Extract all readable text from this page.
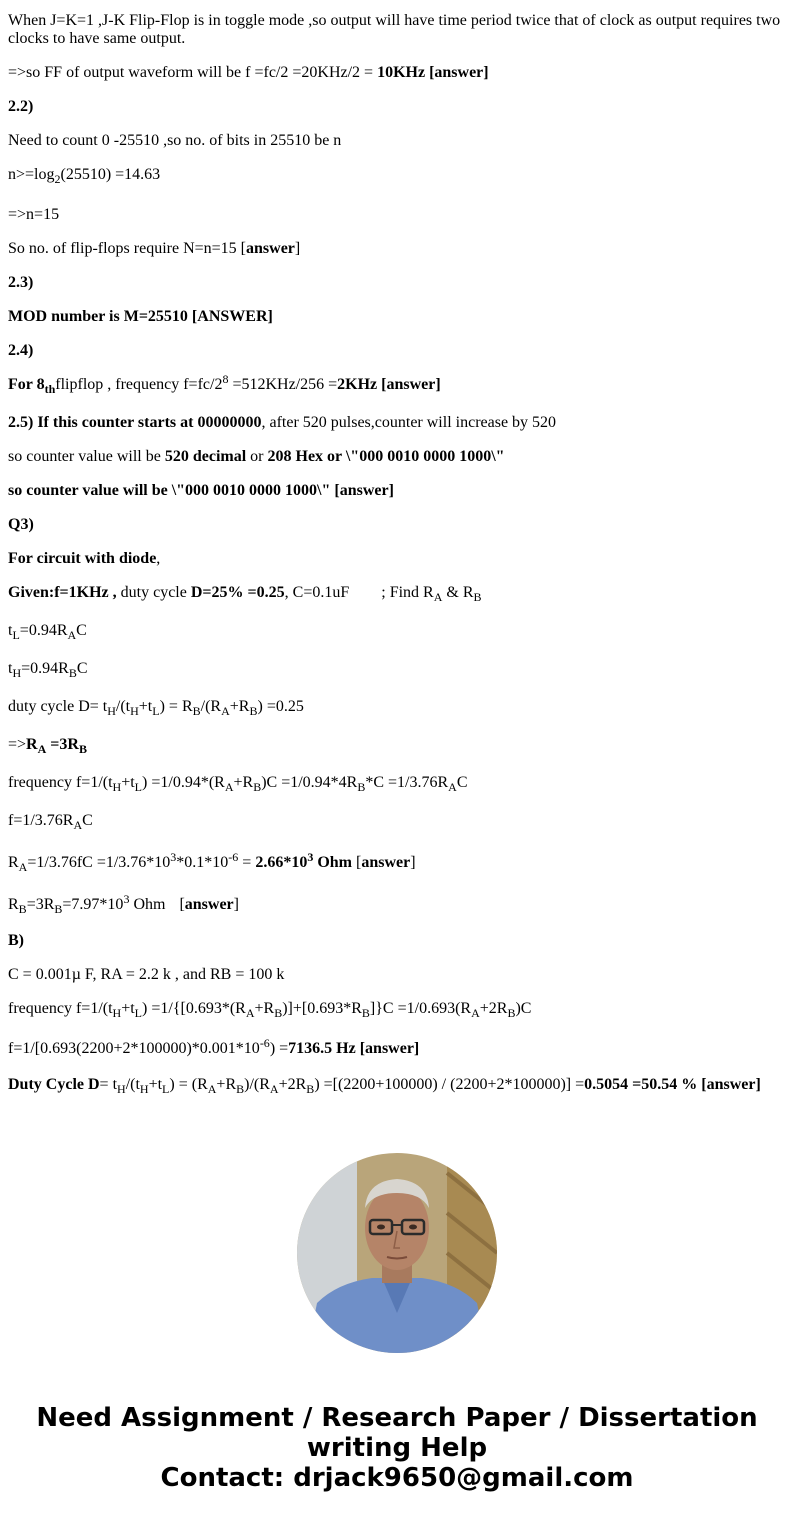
When J=K=1 ,J-K Flip-Flop is in toggle mode ,so output will have time period twice that of clock as output requires two clocks to have same output.
=>so FF of output waveform will be f =fc/2 =20KHz/2 = 10KHz [answer]
2.2)
Need to count 0 -25510 ,so no. of bits in 25510 be n
$n>=\log_2(25510) =14.63$
=>n=15
So no. of flip-flops require N=n=15 [answer]
2.3)
MOD number is M=25510 [ANSWER]
2.4)
For $8_{th}flipflop$ , frequency $f=fc/2^8 =512KHz/256 =2KHz$ [answer]
2.5) If this counter starts at 00000000, after 520 pulses,counter will increase by 520
so counter value will be 520 decimal or 208 Hex or \"000 0010 0000 1000\"
so counter value will be \"000 0010 0000 1000\" [answer]
Q3)
For circuit with diode,
Given:f=1KHz , duty cycle D=25% =0.25, C=0.1uF ; Find $R_A$ & $R_B$
$t_L=0.94R_AC$
$t_H=0.94R_BC$
duty cycle $D= t_H/(t_H+t_L) = R_B/(R_A+R_B) =0.25$
$=>R_A =3R_B$
frequency $f=1/(t_H+t_L) =1/0.94*(R_A+R_B)C =1/0.94*4R_B*C =1/3.76R_AC$
$f=1/3.76R_AC$
$R_A=1/3.76fC =1/3.76*10^3*0.1*10^{-6} = 2.66*10^3$ Ohm [answer]
$R_B=3R_B=7.97*10^3$ Ohm [answer]
B)
C = 0.001µ F, RA = 2.2 k , and RB = 100 k
frequency $f=1/(t_H+t_L) =1/\{[0.693*(R_A+R_B)]+[0.693*R_B]\}C =1/0.693(R_A+2R_B)C$
$f=1/[0.693(2200+2*100000)*0.001*10^{-6}) =7136.5$ Hz [answer]
Duty Cycle $D= t_H/(t_H+t_L) = (R_A+R_B)/(R_A+2R_B) =[(2200+100000) / (2200+2*100000)] =0.5054 =50.54$ % [answer]
Need Assignment / Research Paper / Dissertation
writing Help
Contact: drjack9650@gmail.com
